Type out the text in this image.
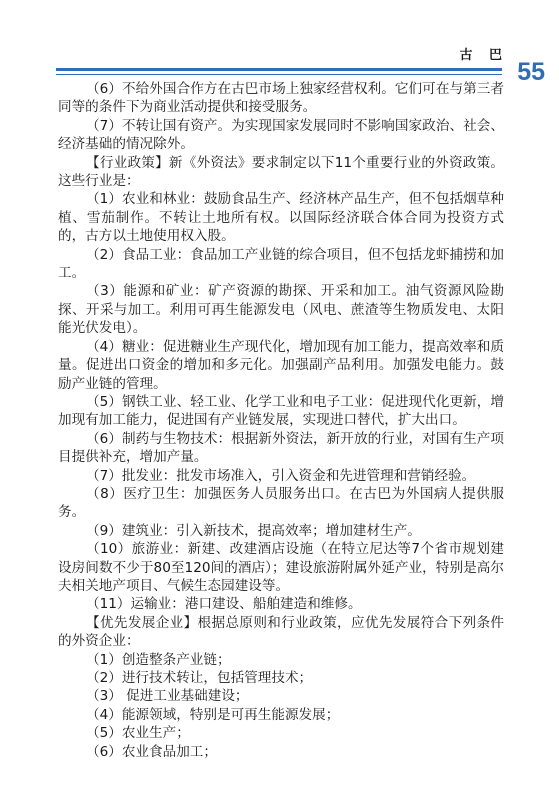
古 巴
55

（6）不给外国合作方在古巴市场上独家经营权利。它们可在与第三者同等的条件下为商业活动提供和接受服务。

（7）不转让国有资产。为实现国家发展同时不影响国家政治、社会、经济基础的情况除外。

【行业政策】新《外资法》要求制定以下11个重要行业的外资政策。这些行业是：

（1）农业和林业：鼓励食品生产、经济林产品生产，但不包括烟草种植、雪茄制作。不转让土地所有权。以国际经济联合体合同为投资方式的，古方以土地使用权入股。

（2）食品工业：食品加工产业链的综合项目，但不包括龙虾捕捞和加工。

（3）能源和矿业：矿产资源的勘探、开采和加工。油气资源风险勘探、开采与加工。利用可再生能源发电（风电、蔗渣等生物质发电、太阳能光伏发电）。

（4）糖业：促进糖业生产现代化，增加现有加工能力，提高效率和质量。促进出口资金的增加和多元化。加强副产品利用。加强发电能力。鼓励产业链的管理。

（5）钢铁工业、轻工业、化学工业和电子工业：促进现代化更新，增加现有加工能力，促进国有产业链发展，实现进口替代，扩大出口。

（6）制药与生物技术：根据新外资法，新开放的行业，对国有生产项目提供补充，增加产量。

（7）批发业：批发市场准入，引入资金和先进管理和营销经验。

（8）医疗卫生：加强医务人员服务出口。在古巴为外国病人提供服务。

（9）建筑业：引入新技术，提高效率；增加建材生产。

（10）旅游业：新建、改建酒店设施（在特立尼达等7个省市规划建设房间数不少于80至120间的酒店）；建设旅游附属外延产业，特别是高尔夫相关地产项目、气候生态园建设等。

（11）运输业：港口建设、船舶建造和维修。

【优先发展企业】根据总原则和行业政策，应优先发展符合下列条件的外资企业：

（1）创造整条产业链；

（2）进行技术转让，包括管理技术；

（3） 促进工业基础建设；

（4）能源领域，特别是可再生能源发展；

（5）农业生产；

（6）农业食品加工；
